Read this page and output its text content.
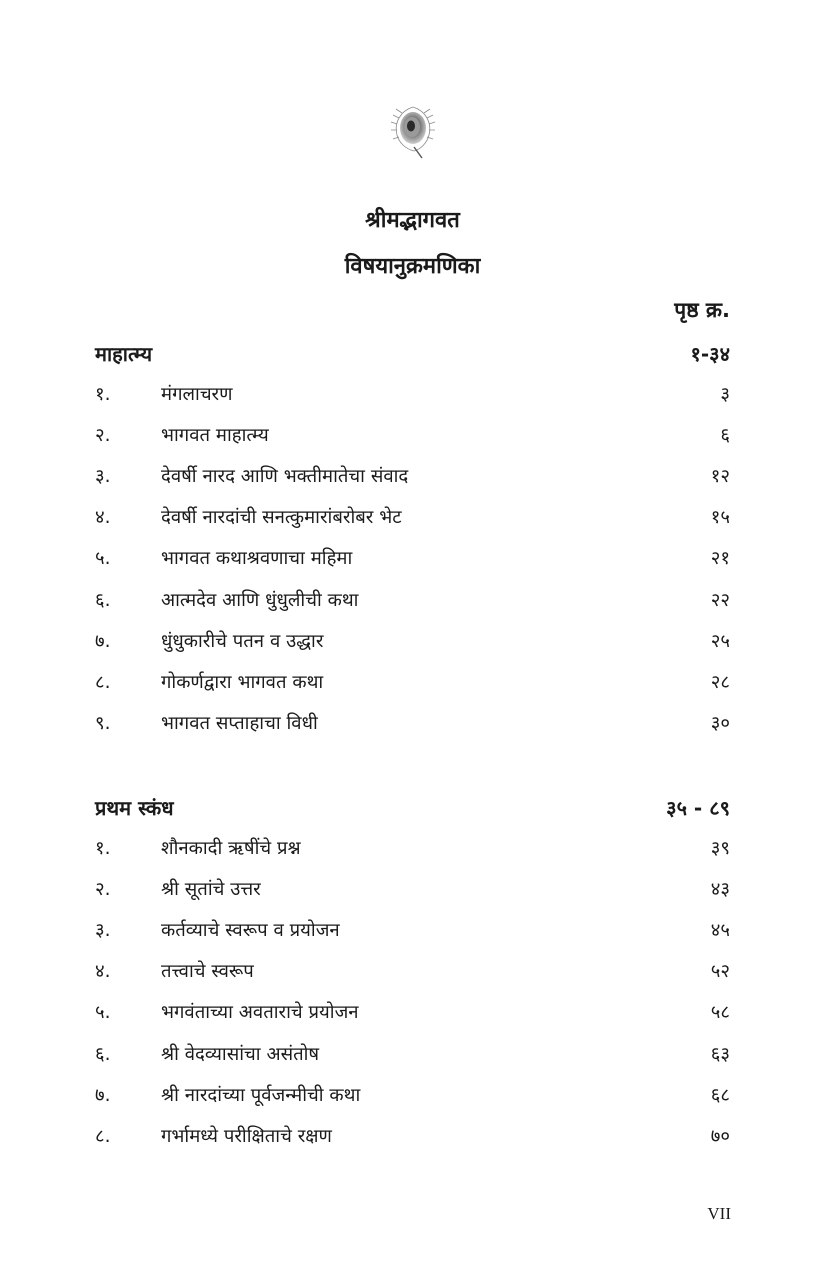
श्रीमद्भागवत
विषयानुक्रमणिका
पृष्ठ क्र.
माहात्म्य	१-३४
१.	मंगलाचरण	३
२.	भागवत माहात्म्य	६
३.	देवर्षी नारद आणि भक्तीमातेचा संवाद	१२
४.	देवर्षी नारदांची सनत्कुमारांबरोबर भेट	१५
५.	भागवत कथाश्रवणाचा महिमा	२१
६.	आत्मदेव आणि धुंधुलीची कथा	२२
७.	धुंधुकारीचे पतन व उद्धार	२५
८.	गोकर्णद्वारा भागवत कथा	२८
९.	भागवत सप्ताहाचा विधी	३०
प्रथम स्कंध	३५ - ८९
१.	शौनकादी ऋषींचे प्रश्न	३९
२.	श्री सूतांचे उत्तर	४३
३.	कर्तव्याचे स्वरूप व प्रयोजन	४५
४.	तत्त्वाचे स्वरूप	५२
५.	भगवंताच्या अवताराचे प्रयोजन	५८
६.	श्री वेदव्यासांचा असंतोष	६३
७.	श्री नारदांच्या पूर्वजन्मीची कथा	६८
८.	गर्भामध्ये परीक्षिताचे रक्षण	७०
VII
